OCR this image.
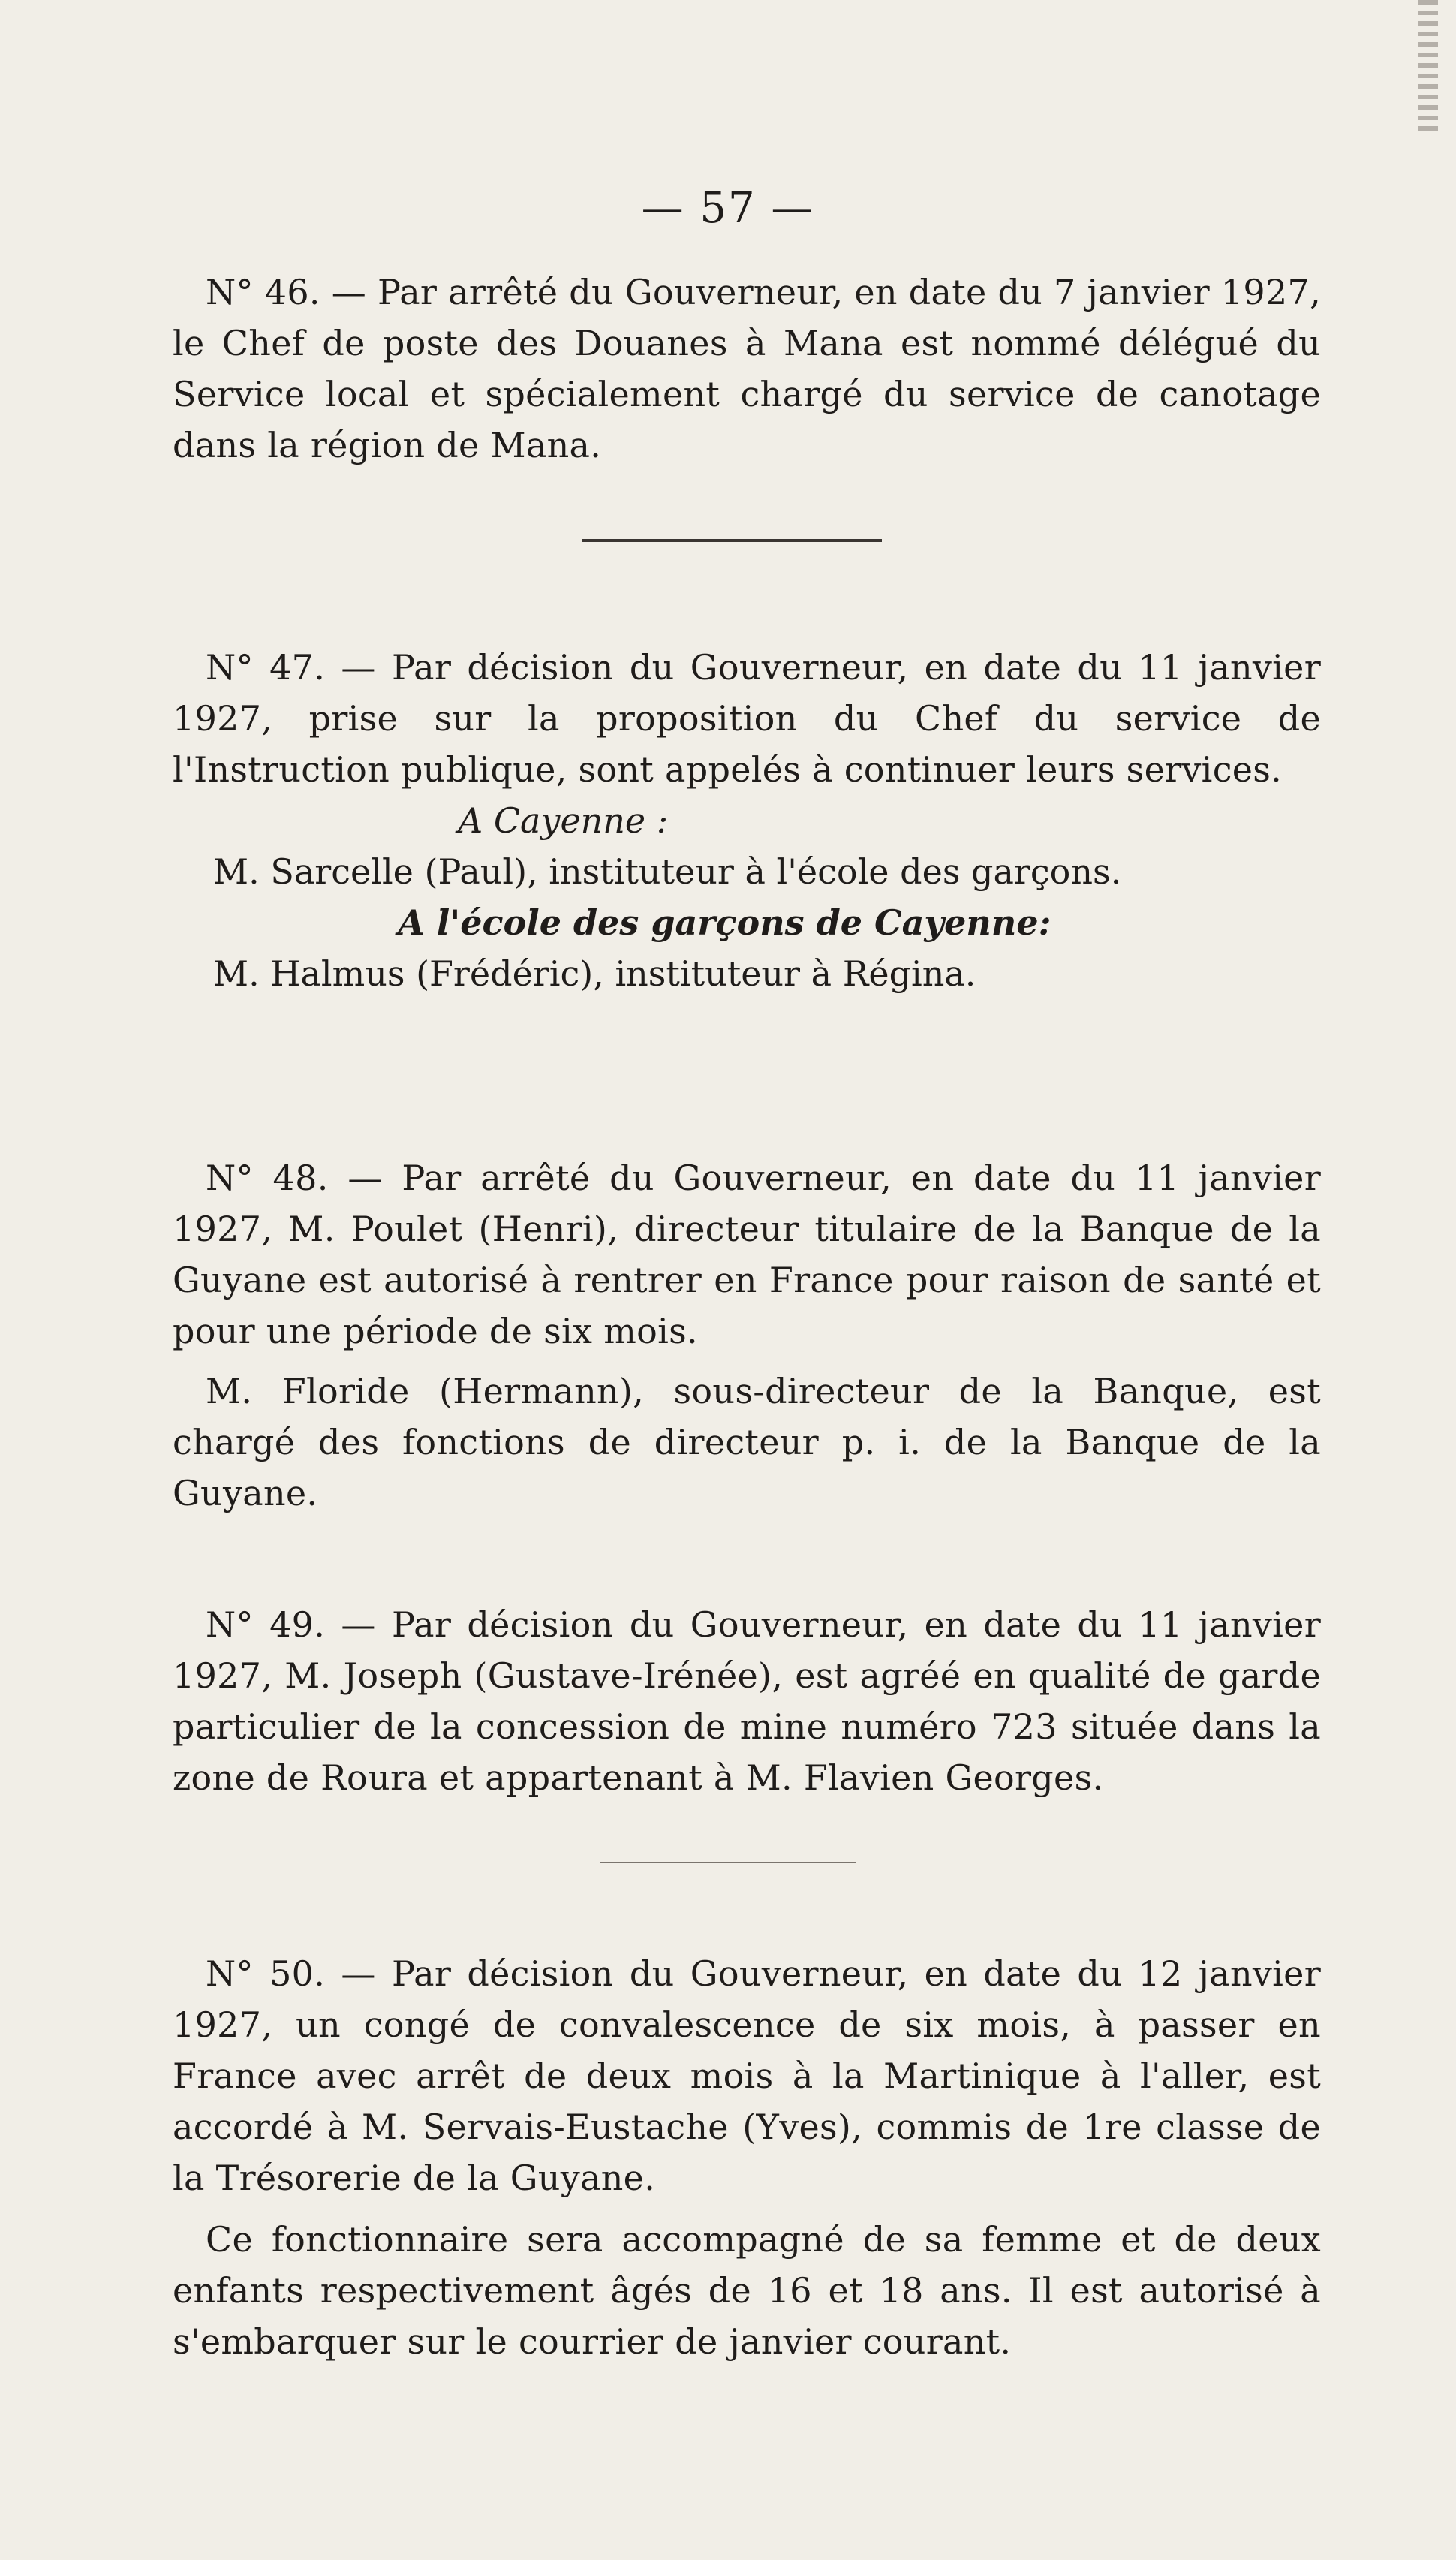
— 57 —

N° 46. — Par arrêté du Gouverneur, en date du 7 janvier 1927, le Chef de poste des Douanes à Mana est nommé délégué du Service local et spécialement chargé du service de canotage dans la région de Mana.

N° 47. — Par décision du Gouverneur, en date du 11 janvier 1927, prise sur la proposition du Chef du service de l'Instruction publique, sont appelés à continuer leurs services.

A Cayenne :

M. Sarcelle (Paul), instituteur à l'école des garçons.

A l'école des garçons de Cayenne:

M. Halmus (Frédéric), instituteur à Régina.

N° 48. — Par arrêté du Gouverneur, en date du 11 janvier 1927, M. Poulet (Henri), directeur titulaire de la Banque de la Guyane est autorisé à rentrer en France pour raison de santé et pour une période de six mois.

M. Floride (Hermann), sous-directeur de la Banque, est chargé des fonctions de directeur p. i. de la Banque de la Guyane.

N° 49. — Par décision du Gouverneur, en date du 11 janvier 1927, M. Joseph (Gustave-Irénée), est agréé en qualité de garde particulier de la concession de mine numéro 723 située dans la zone de Roura et appartenant à M. Flavien Georges.

N° 50. — Par décision du Gouverneur, en date du 12 janvier 1927, un congé de convalescence de six mois, à passer en France avec arrêt de deux mois à la Martinique à l'aller, est accordé à M. Servais-Eustache (Yves), commis de 1re classe de la Trésorerie de la Guyane.

Ce fonctionnaire sera accompagné de sa femme et de deux enfants respectivement âgés de 16 et 18 ans. Il est autorisé à s'embarquer sur le courrier de janvier courant.
